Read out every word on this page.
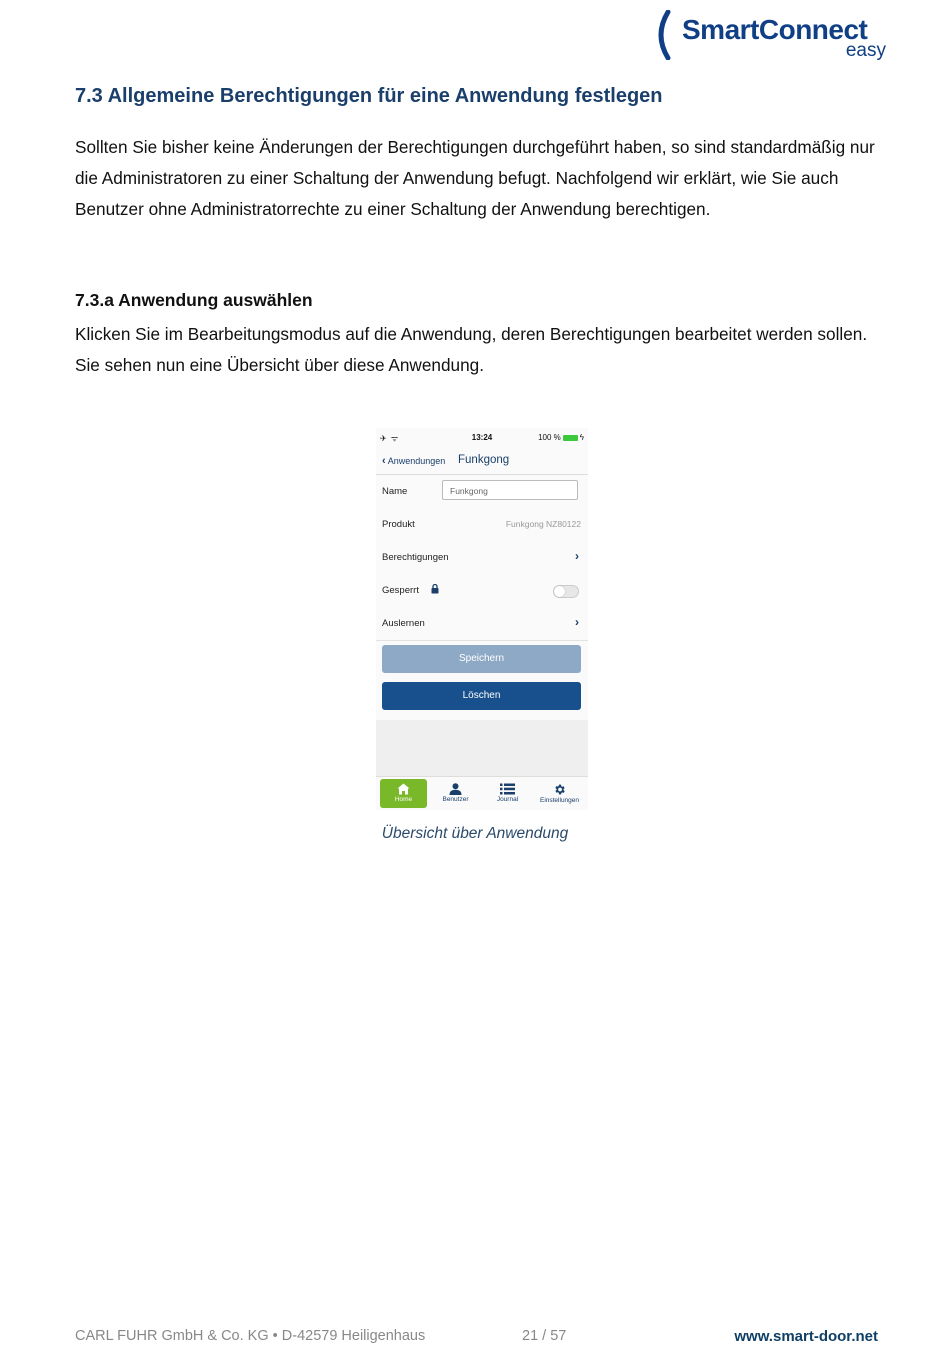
SmartConnect
easy
7.3 Allgemeine Berechtigungen für eine Anwendung festlegen

Sollten Sie bisher keine Änderungen der Berechtigungen durchgeführt haben, so sind standardmäßig nur die Administratoren zu einer Schaltung der Anwendung befugt. Nachfolgend wir erklärt, wie Sie auch Benutzer ohne Administratorrechte zu einer Schaltung der Anwendung berechtigen.

7.3.a Anwendung auswählen

Klicken Sie im Bearbeitungsmodus auf die Anwendung, deren Berechtigungen bearbeitet werden sollen. Sie sehen nun eine Übersicht über diese Anwendung.

✈ ᯤ	13:24	100 % ϟ
‹ Anwendungen Funkgong
Name	Funkgong
Produkt	Funkgong NZ80122
Berechtigungen	›
Gesperrt
Auslernen	›
Speichern
Löschen
Home	Benutzer	Journal	Einstellungen
Übersicht über Anwendung
CARL FUHR GmbH & Co. KG • D-42579 Heiligenhaus	21 / 57	www.smart-door.net
